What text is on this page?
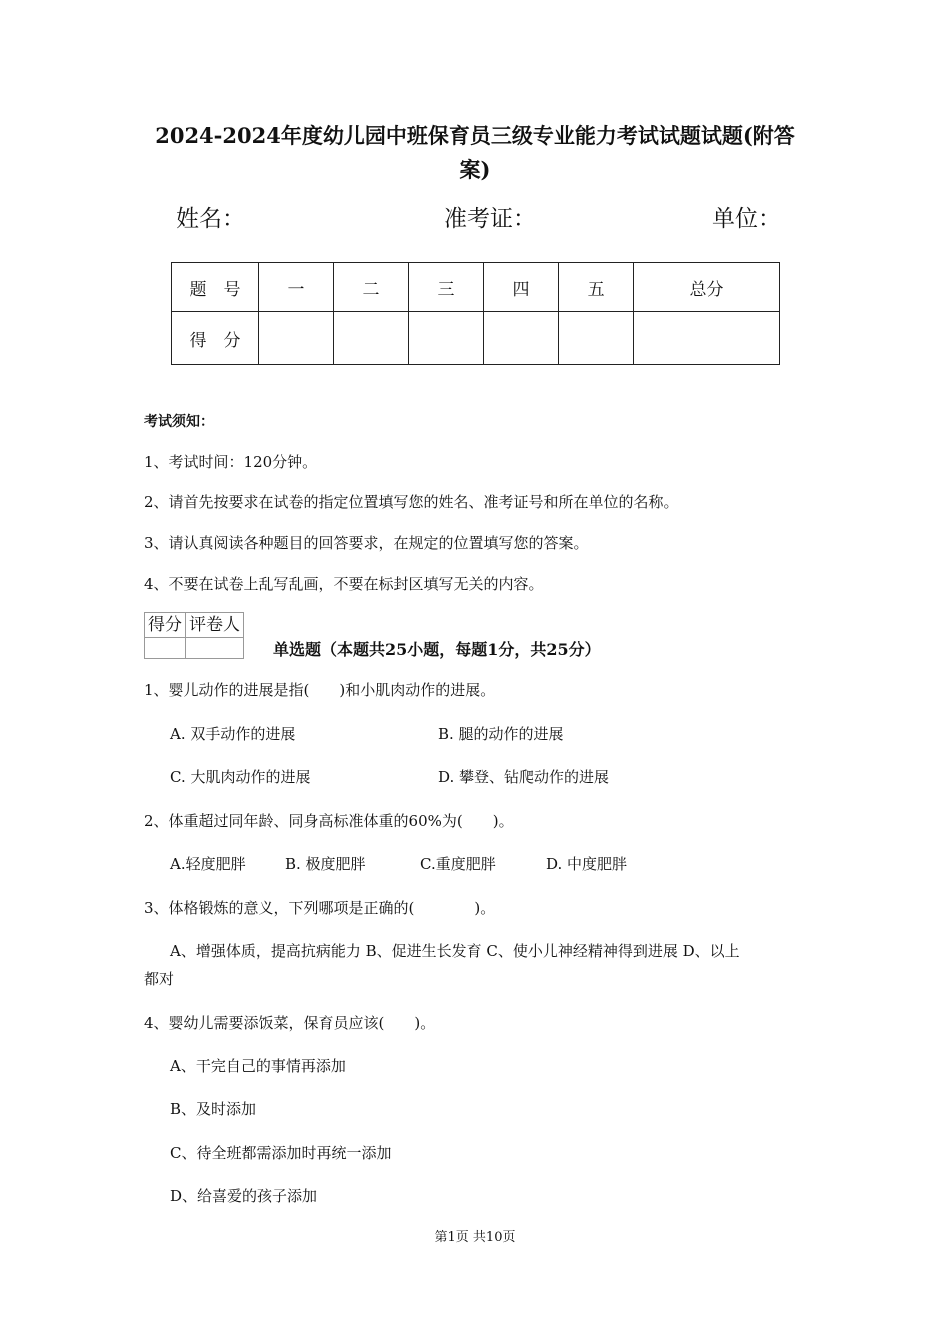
2024-2024年度幼儿园中班保育员三级专业能力考试试题试题(附答
案)
姓名：	准考证：	单位：
题　号	一	二	三	四	五	总分
得　分						
考试须知：
1、考试时间：120分钟。
2、请首先按要求在试卷的指定位置填写您的姓名、准考证号和所在单位的名称。
3、请认真阅读各种题目的回答要求，在规定的位置填写您的答案。
4、不要在试卷上乱写乱画，不要在标封区填写无关的内容。
得分	评卷人

单选题（本题共25小题，每题1分，共25分）
1、婴儿动作的进展是指(　　)和小肌肉动作的进展。
A. 双手动作的进展	B. 腿的动作的进展
C. 大肌肉动作的进展	D. 攀登、钻爬动作的进展
2、体重超过同年龄、同身高标准体重的60%为(　　)。
A.轻度肥胖	B. 极度肥胖	C.重度肥胖	D. 中度肥胖
3、体格锻炼的意义，下列哪项是正确的(　　　　)。
A、增强体质，提高抗病能力 B、促进生长发育 C、使小儿神经精神得到进展 D、以上
都对
4、婴幼儿需要添饭菜，保育员应该(　　)。
A、干完自己的事情再添加
B、及时添加
C、待全班都需添加时再统一添加
D、给喜爱的孩子添加
第1页 共10页
